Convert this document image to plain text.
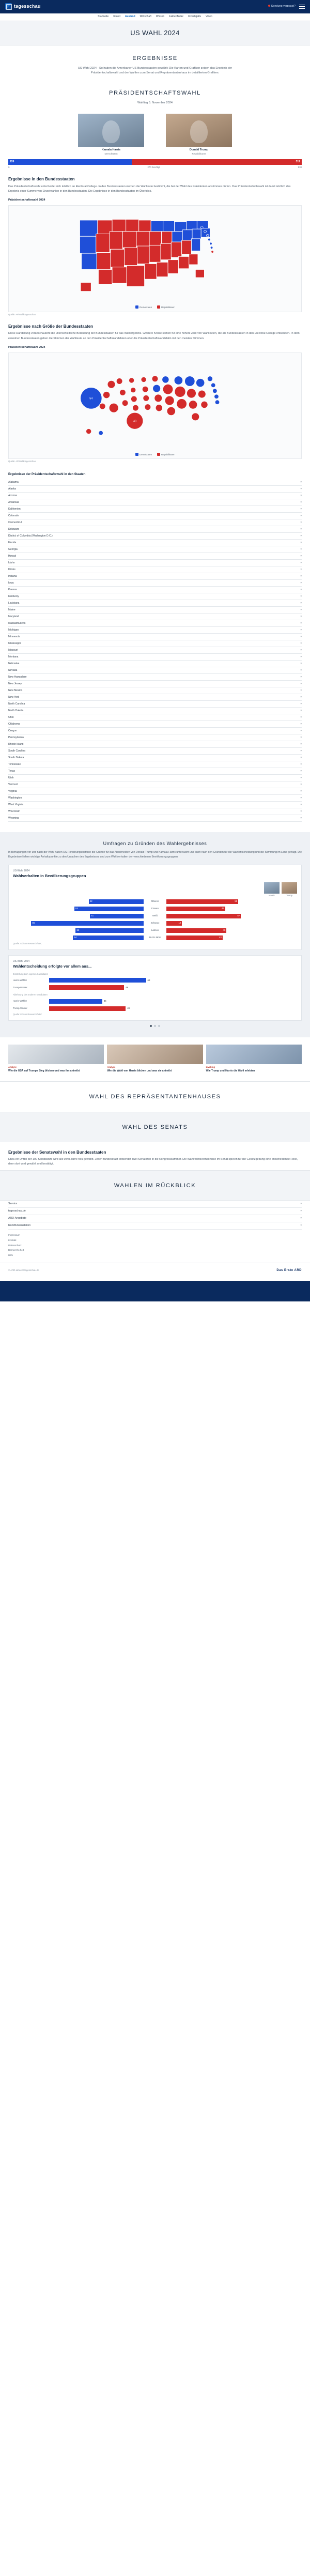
tagesschau	Sendung verpasst?
Startseite Inland Ausland Wirtschaft Wissen Faktenfinder Investigativ Video
US WAHL 2024
ERGEBNISSE
US-Wahl 2024 - So haben die Amerikaner US-Bundesstaaten gewählt: Die Karten und Grafiken zeigen das Ergebnis der Präsidentschaftswahl und der Wahlen zum Senat und Repräsentantenhaus im detaillierten Grafiken.
PRÄSIDENTSCHAFTSWAHL
Wahltag 5. November 2024
Kamala Harris
Demokraten
Donald Trump
Republikaner
226	312
0	270 benötigt	538
Ergebnisse in den Bundesstaaten

Das Präsidentschaftswahl entscheidet sich letztlich an Electoral College. In den Bundesstaaten werden die Wahlleute bestimmt, die bei der Wahl des Präsidenten abstimmen dürfen. Das Präsidentschaftswahl ist damit letztlich das Ergebnis einer Summe von Einzelwahlen in den Bundesstaaten. Die Ergebnisse in den Bundesstaaten im Überblick.

Präsidentschaftswahl 2024
Demokraten	Republikaner
Quelle: AP/Wahl.tagesschau
Ergebnisse nach Größe der Bundesstaaten

Diese Darstellung veranschaulicht die unterschiedliche Bedeutung der Bundesstaaten für das Wahlergebnis. Größere Kreise stehen für eine höhere Zahl von Wahlleuten, die als Bundesstaaten in den Electoral College entsenden. In dem einzelnen Bundesstaaten gehen die Stimmen der Wahlleute an den Präsidentschaftskandidaten oder die Präsidentschaftskandidatin mit den meisten Stimmen.

Präsidentschaftswahl 2024
54
40
Demokraten	Republikaner
Quelle: AP/Wahl.tagesschau
Ergebnisse der Präsidentschaftswahl in den Staaten
Alabama	▾
Alaska	▾
Arizona	▾
Arkansas	▾
Kalifornien	▾
Colorado	▾
Connecticut	▾
Delaware	▾
District of Columbia (Washington D.C.)	▾
Florida	▾
Georgia	▾
Hawaii	▾
Idaho	▾
Illinois	▾
Indiana	▾
Iowa	▾
Kansas	▾
Kentucky	▾
Louisiana	▾
Maine	▾
Maryland	▾
Massachusetts	▾
Michigan	▾
Minnesota	▾
Mississippi	▾
Missouri	▾
Montana	▾
Nebraska	▾
Nevada	▾
New Hampshire	▾
New Jersey	▾
New Mexico	▾
New York	▾
North Carolina	▾
North Dakota	▾
Ohio	▾
Oklahoma	▾
Oregon	▾
Pennsylvania	▾
Rhode Island	▾
South Carolina	▾
South Dakota	▾
Tennessee	▾
Texas	▾
Utah	▾
Vermont	▾
Virginia	▾
Washington	▾
West Virginia	▾
Wisconsin	▾
Wyoming	▾
Umfragen zu Gründen des Wahlergebnisses

In Befragungen vor und nach der Wahl haben US-Forschungsinstitute die Gründe für das Abschneiden von Donald Trump und Kamala Harris untersucht und auch nach den Gründen für die Wahlentscheidung und die Stimmung im Land gefragt. Die Ergebnisse liefern wichtige Anhaltspunkte zu den Ursachen des Ergebnisses und zum Wahlverhalten der verschiedenen Bevölkerungsgruppen.

US-Wahl 2024
Wahlverhalten in Bevölkerungsgruppen
Harris	Trump
42	Männer	55
53	Frauen	45
41	Weiß	57
86	Schwarz	12
52	Latinos	46
54	18-29 Jahre	43
Quelle: Edison Research/NBC
US-Wahl 2024
Wahlentscheidung erfolgte vor allem aus...
Einstellung zum eigenen Kandidaten
Harris-Wähler	62
Trump-Wähler	48
Ablehnung des anderen Kandidaten
Harris-Wähler	34
Trump-Wähler	49
Quelle: Edison Research/NBC
Analyse
Wie die USA auf Trumps Sieg blicken und was ihn antreibt
Analyse
Wie die Wahl von Harris blicken und was sie antreibt
Liveblog
Wie Trump und Harris die Wahl erlebten
WAHL DES REPRÄSENTANTENHAUSES
WAHL DES SENATS
Ergebnisse der Senatswahl in den Bundesstaaten

Etwa ein Drittel der 100 Senatssitze wird alle zwei Jahre neu gewählt. Jeder Bundesstaat entsendet zwei Senatoren in die Kongresskammer. Die Wahlrechtsverhältnisse im Senat spielen für die Gesetzgebung eine entscheidende Rolle, denn dort wird gewählt und bestätigt.

WAHLEN IM RÜCKBLICK
Service	▾
tagesschau.de	▾
ARD-Angebote	▾
Rundfunkanstalten	▾
Impressum
Kontakt
Datenschutz
Barrierefreiheit
Hilfe
© ARD-aktuell / tagesschau.de	Das Erste ARD
